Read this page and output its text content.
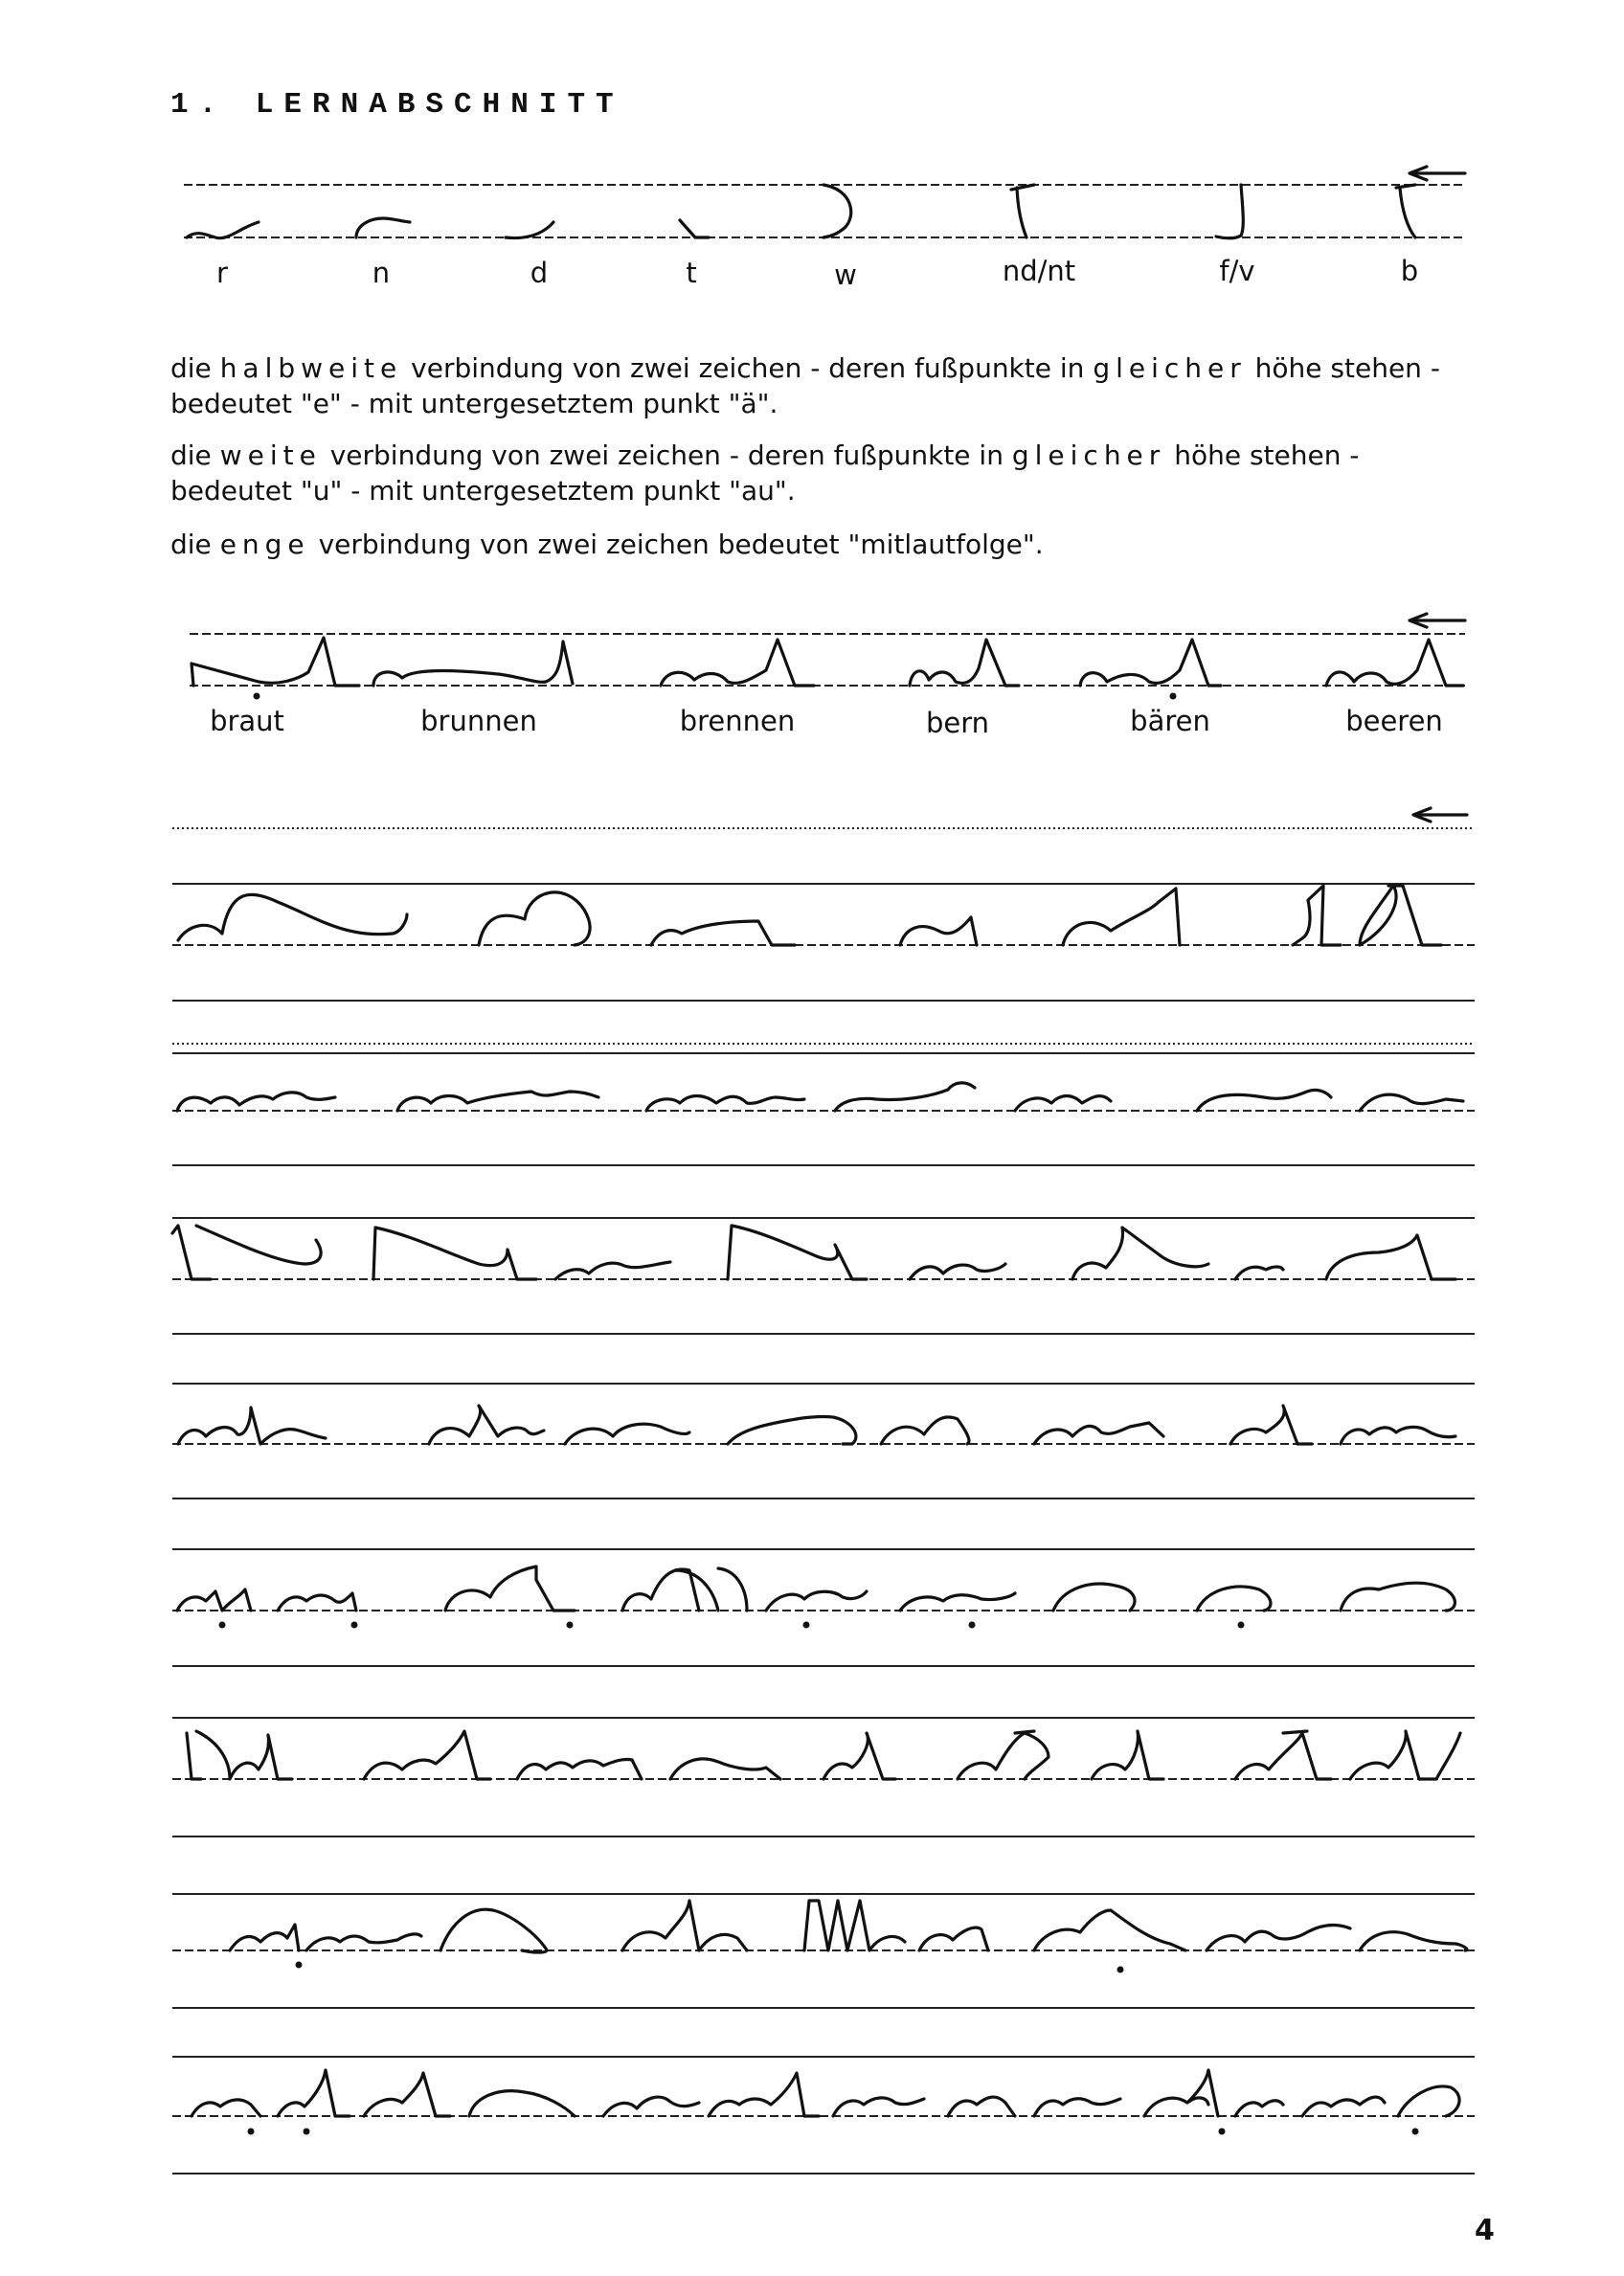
1. LERNABSCHNITT
die halbweite verbindung von zwei zeichen - deren fußpunkte in gleicher höhe stehen - bedeutet "e" - mit untergesetztem punkt "ä".
die weite verbindung von zwei zeichen - deren fußpunkte in gleicher höhe stehen - bedeutet "u" - mit untergesetztem punkt "au".
die enge verbindung von zwei zeichen bedeutet "mitlautfolge".
r	n	d	t	w	nd/nt	f/v	b
braut	brunnen	brennen	bern	bären	beeren
4
